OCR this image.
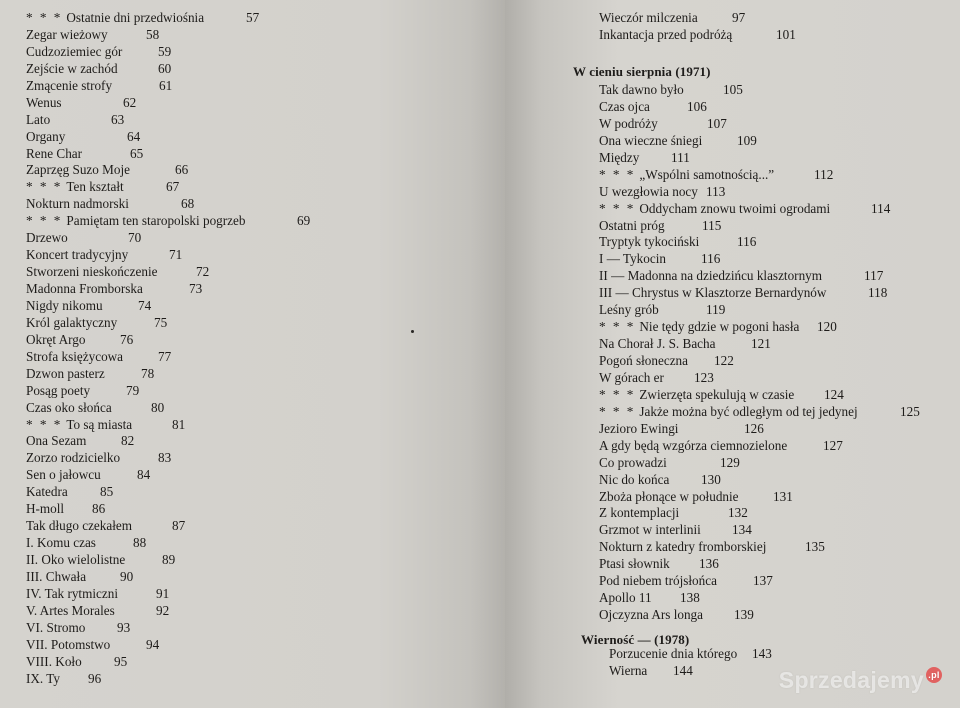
* * * Ostatnie dni przedwiośnia	57
Zegar wieżowy	58
Cudzoziemiec gór	59
Zejście w zachód	60
Zmącenie strofy	61
Wenus	62
Lato	63
Organy	64
Rene Char	65
Zaprzęg Suzo Moje	66
* * * Ten kształt	67
Nokturn nadmorski	68
* * * Pamiętam ten staropolski pogrzeb	69
Drzewo	70
Koncert tradycyjny	71
Stworzeni nieskończenie	72
Madonna Fromborska	73
Nigdy nikomu	74
Król galaktyczny	75
Okręt Argo	76
Strofa księżycowa	77
Dzwon pasterz	78
Posąg poety	79
Czas oko słońca	80
* * * To są miasta	81
Ona Sezam	82
Zorzo rodzicielko	83
Sen o jałowcu	84
Katedra 85
H-moll 86
Tak długo czekałem	87
I. Komu czas	88
II. Oko wielolistne	89
III. Chwała	90
IV. Tak rytmiczni	91
V. Artes Morales	92
VI. Stromo 93
VII. Potomstwo	94
VIII. Koło 95
IX. Ty 96
Wieczór milczenia	97
Inkantacja przed podróżą	101
W cieniu sierpnia (1971)
Tak dawno było	105
Czas ojca	106
W podróży	107
Ona wieczne śniegi	109
Między 111
* * * „Wspólni samotnością...”	112
U wezgłowia nocy 113
* * * Oddycham znowu twoimi ogrodami	114
Ostatni próg	115
Tryptyk tykociński	116
I — Tykocin	116
II — Madonna na dziedzińcu klasztornym	117
III — Chrystus w Klasztorze Bernardynów	118
Leśny grób	119
* * * Nie tędy gdzie w pogoni hasła 120
Na Chorał J. S. Bacha	121
Pogoń słoneczna 122
W górach er 123
* * * Zwierzęta spekulują w czasie 124
* * * Jakże można być odległym od tej jedynej	125
Jezioro Ewingi	126
A gdy będą wzgórza ciemnozielone	127
Co prowadzi	129
Nic do końca 130
Zboża płonące w południe	131
Z kontemplacji	132
Grzmot w interlinii 134
Nokturn z katedry fromborskiej	135
Ptasi słownik 136
Pod niebem trójsłońca	137
Apollo 11 138
Ojczyzna Ars longa 139
Wierność — (1978)
Porzucenie dnia którego 143
Wierna 144	Sprzedajemy .pl
